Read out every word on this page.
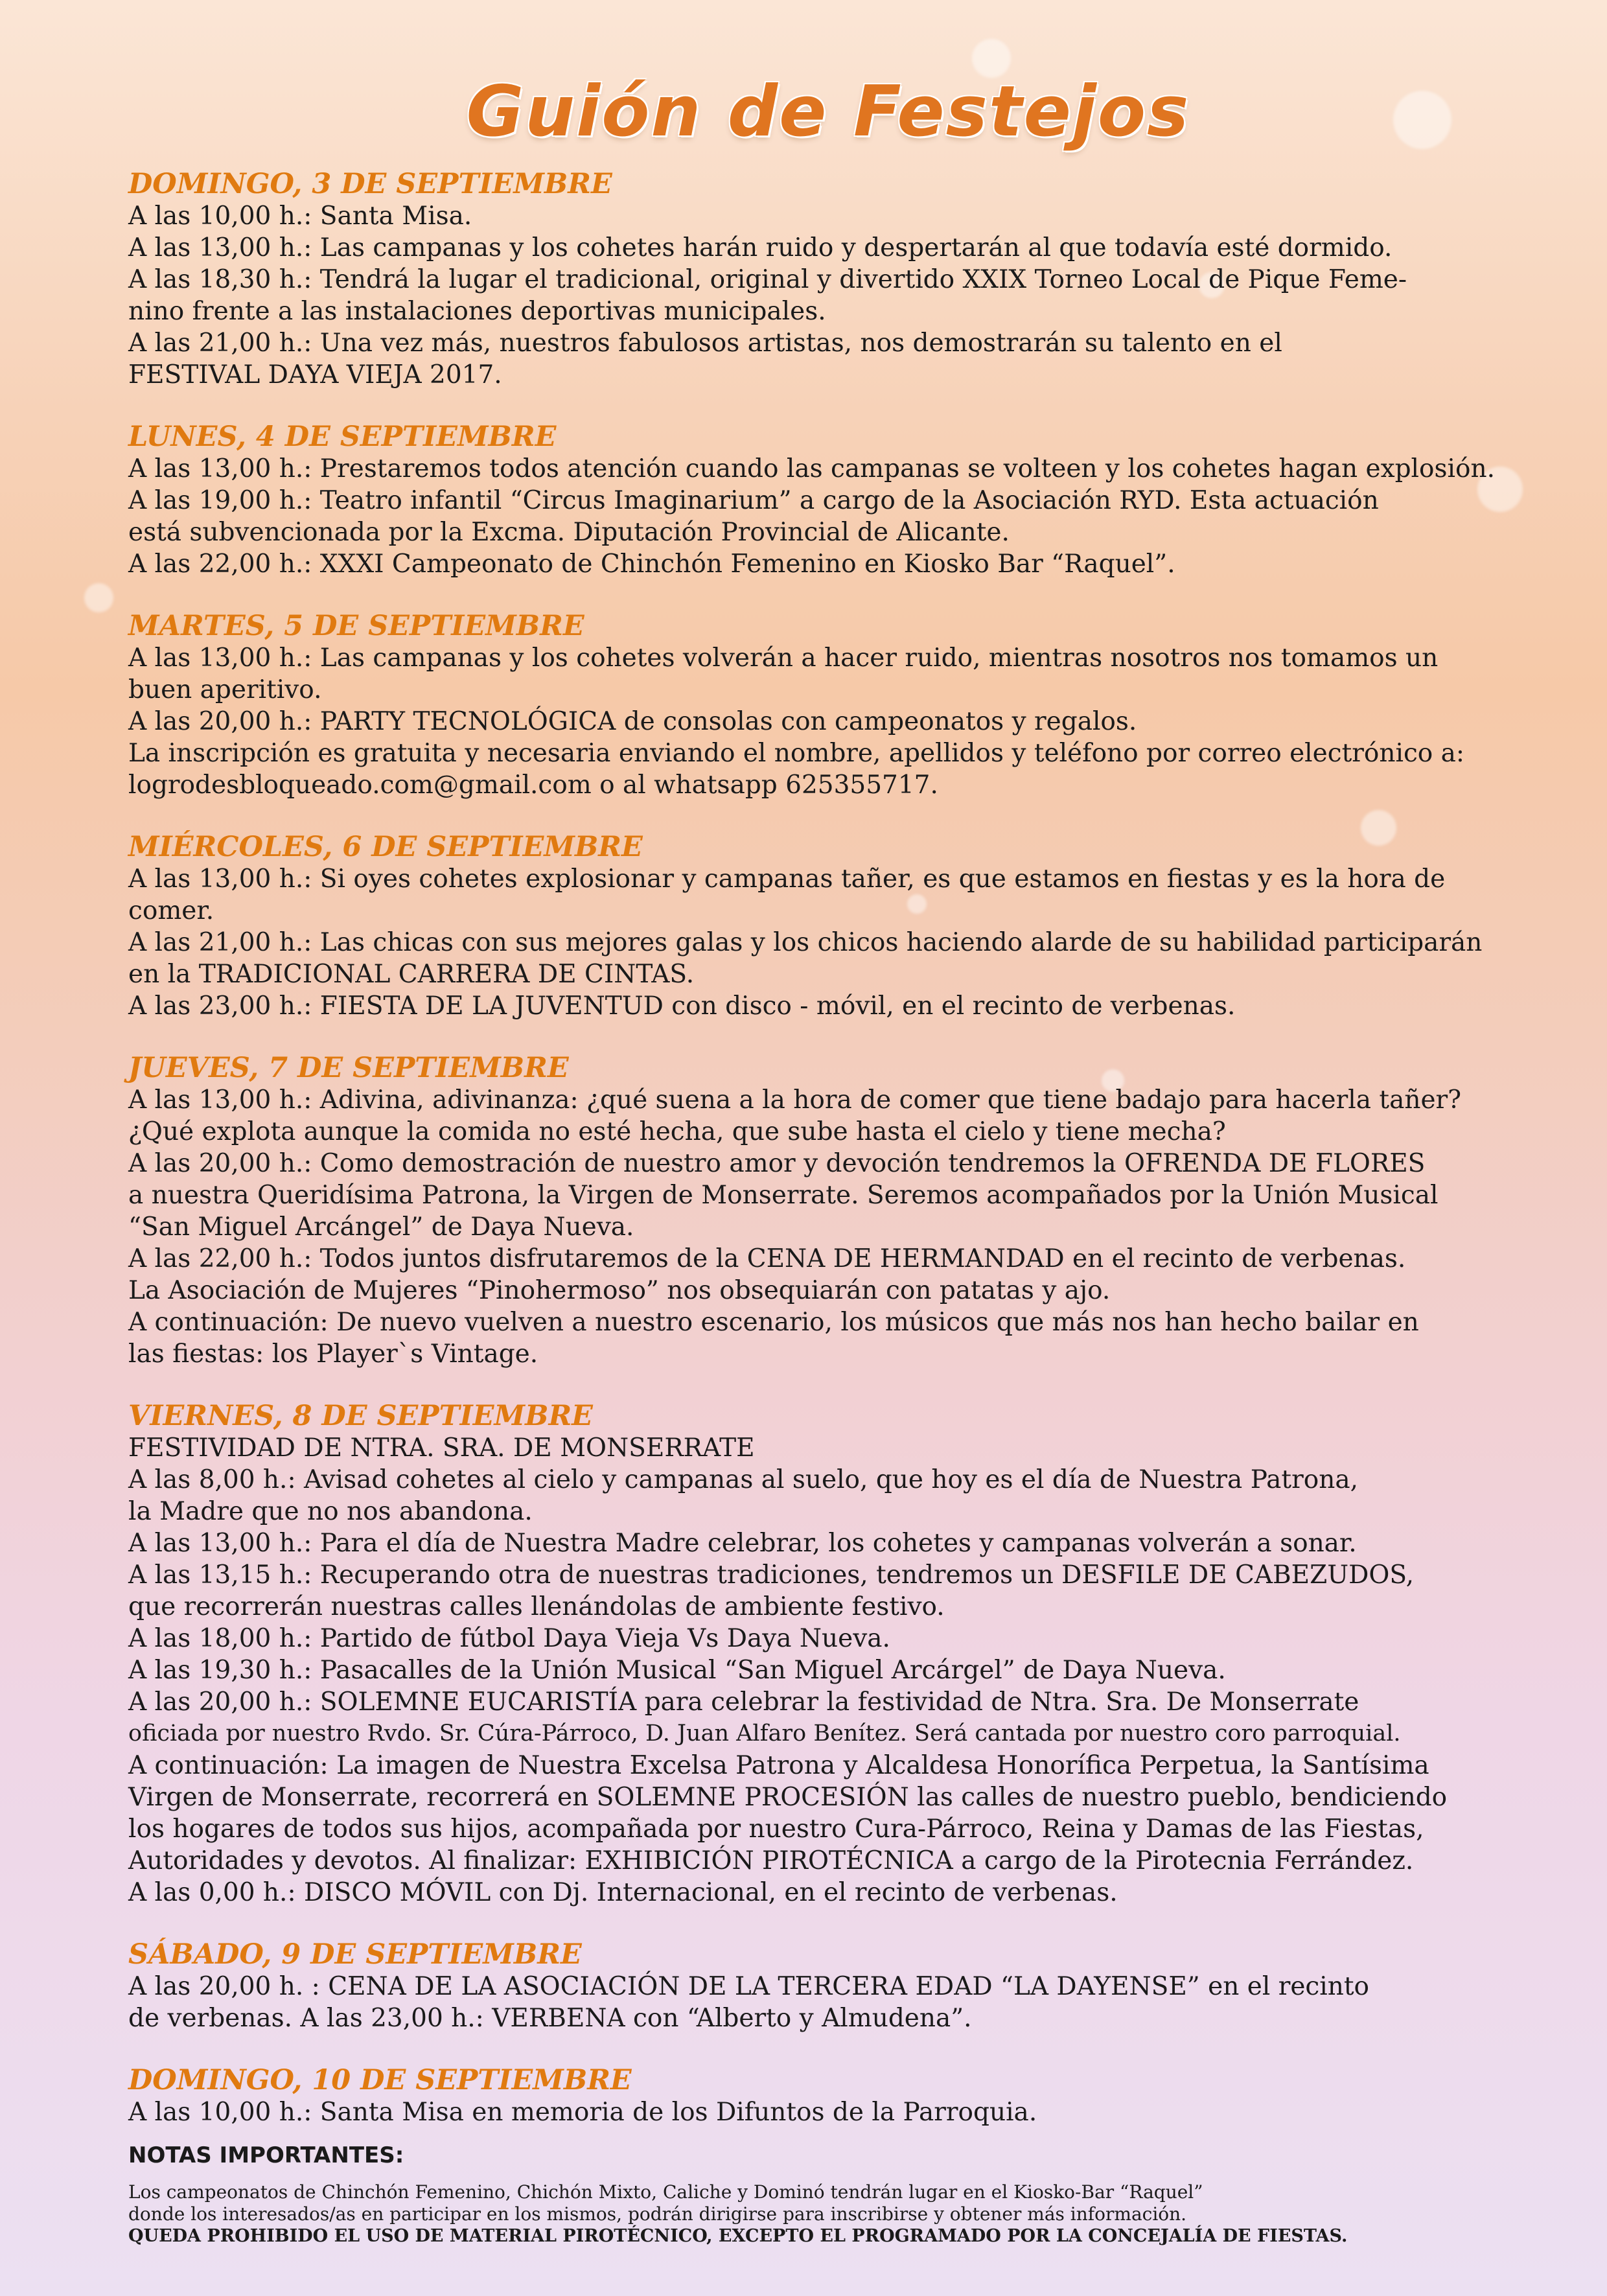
Guión de Festejos

DOMINGO, 3 DE SEPTIEMBRE

A las 10,00 h.: Santa Misa.

A las 13,00 h.: Las campanas y los cohetes harán ruido y despertarán al que todavía esté dormido.

A las 18,30 h.: Tendrá la lugar el tradicional, original y divertido XXIX Torneo Local de Pique Feme-

nino frente a las instalaciones deportivas municipales.

A las 21,00 h.: Una vez más, nuestros fabulosos artistas, nos demostrarán su talento en el

FESTIVAL DAYA VIEJA 2017.

LUNES, 4 DE SEPTIEMBRE

A las 13,00 h.: Prestaremos todos atención cuando las campanas se volteen y los cohetes hagan explosión.

A las 19,00 h.: Teatro infantil “Circus Imaginarium” a cargo de la Asociación RYD. Esta actuación

está subvencionada por la Excma. Diputación Provincial de Alicante.

A las 22,00 h.: XXXI Campeonato de Chinchón Femenino en Kiosko Bar “Raquel”.

MARTES, 5 DE SEPTIEMBRE

A las 13,00 h.: Las campanas y los cohetes volverán a hacer ruido, mientras nosotros nos tomamos un

buen aperitivo.

A las 20,00 h.: PARTY TECNOLÓGICA de consolas con campeonatos y regalos.

La inscripción es gratuita y necesaria enviando el nombre, apellidos y teléfono por correo electrónico a:

logrodesbloqueado.com@gmail.com o al whatsapp 625355717.

MIÉRCOLES, 6 DE SEPTIEMBRE

A las 13,00 h.: Si oyes cohetes explosionar y campanas tañer, es que estamos en fiestas y es la hora de comer.

A las 21,00 h.: Las chicas con sus mejores galas y los chicos haciendo alarde de su habilidad participarán

en la TRADICIONAL CARRERA DE CINTAS.

A las 23,00 h.: FIESTA DE LA JUVENTUD con disco - móvil, en el recinto de verbenas.

JUEVES, 7 DE SEPTIEMBRE

A las 13,00 h.: Adivina, adivinanza: ¿qué suena a la hora de comer que tiene badajo para hacerla tañer?

¿Qué explota aunque la comida no esté hecha, que sube hasta el cielo y tiene mecha?

A las 20,00 h.: Como demostración de nuestro amor y devoción tendremos la OFRENDA DE FLORES

a nuestra Queridísima Patrona, la Virgen de Monserrate. Seremos acompañados por la Unión Musical

“San Miguel Arcángel” de Daya Nueva.

A las 22,00 h.: Todos juntos disfrutaremos de la CENA DE HERMANDAD en el recinto de verbenas.

La Asociación de Mujeres “Pinohermoso” nos obsequiarán con patatas y ajo.

A continuación: De nuevo vuelven a nuestro escenario, los músicos que más nos han hecho bailar en

las fiestas: los Player`s Vintage.

VIERNES, 8 DE SEPTIEMBRE

FESTIVIDAD DE NTRA. SRA. DE MONSERRATE

A las 8,00 h.: Avisad cohetes al cielo y campanas al suelo, que hoy es el día de Nuestra Patrona,

la Madre que no nos abandona.

A las 13,00 h.: Para el día de Nuestra Madre celebrar, los cohetes y campanas volverán a sonar.

A las 13,15 h.: Recuperando otra de nuestras tradiciones, tendremos un DESFILE DE CABEZUDOS,

que recorrerán nuestras calles llenándolas de ambiente festivo.

A las 18,00 h.: Partido de fútbol Daya Vieja Vs Daya Nueva.

A las 19,30 h.: Pasacalles de la Unión Musical “San Miguel Arcárgel” de Daya Nueva.

A las 20,00 h.: SOLEMNE EUCARISTÍA para celebrar la festividad de Ntra. Sra. De Monserrate

oficiada por nuestro Rvdo. Sr. Cúra-Párroco, D. Juan Alfaro Benítez. Será cantada por nuestro coro parroquial.

A continuación: La imagen de Nuestra Excelsa Patrona y Alcaldesa Honorífica Perpetua, la Santísima

Virgen de Monserrate, recorrerá en SOLEMNE PROCESIÓN las calles de nuestro pueblo, bendiciendo

los hogares de todos sus hijos, acompañada por nuestro Cura-Párroco, Reina y Damas de las Fiestas,

Autoridades y devotos. Al finalizar: EXHIBICIÓN PIROTÉCNICA a cargo de la Pirotecnia Ferrández.

A las 0,00 h.: DISCO MÓVIL con Dj. Internacional, en el recinto de verbenas.

SÁBADO, 9 DE SEPTIEMBRE

A las 20,00 h. : CENA DE LA ASOCIACIÓN DE LA TERCERA EDAD “LA DAYENSE” en el recinto

de verbenas. A las 23,00 h.: VERBENA con “Alberto y Almudena”.

DOMINGO, 10 DE SEPTIEMBRE

A las 10,00 h.: Santa Misa en memoria de los Difuntos de la Parroquia.

NOTAS IMPORTANTES:

Los campeonatos de Chinchón Femenino, Chichón Mixto, Caliche y Dominó tendrán lugar en el Kiosko-Bar “Raquel”

donde los interesados/as en participar en los mismos, podrán dirigirse para inscribirse y obtener más información.

QUEDA PROHIBIDO EL USO DE MATERIAL PIROTÉCNICO, EXCEPTO EL PROGRAMADO POR LA CONCEJALÍA DE FIESTAS.
